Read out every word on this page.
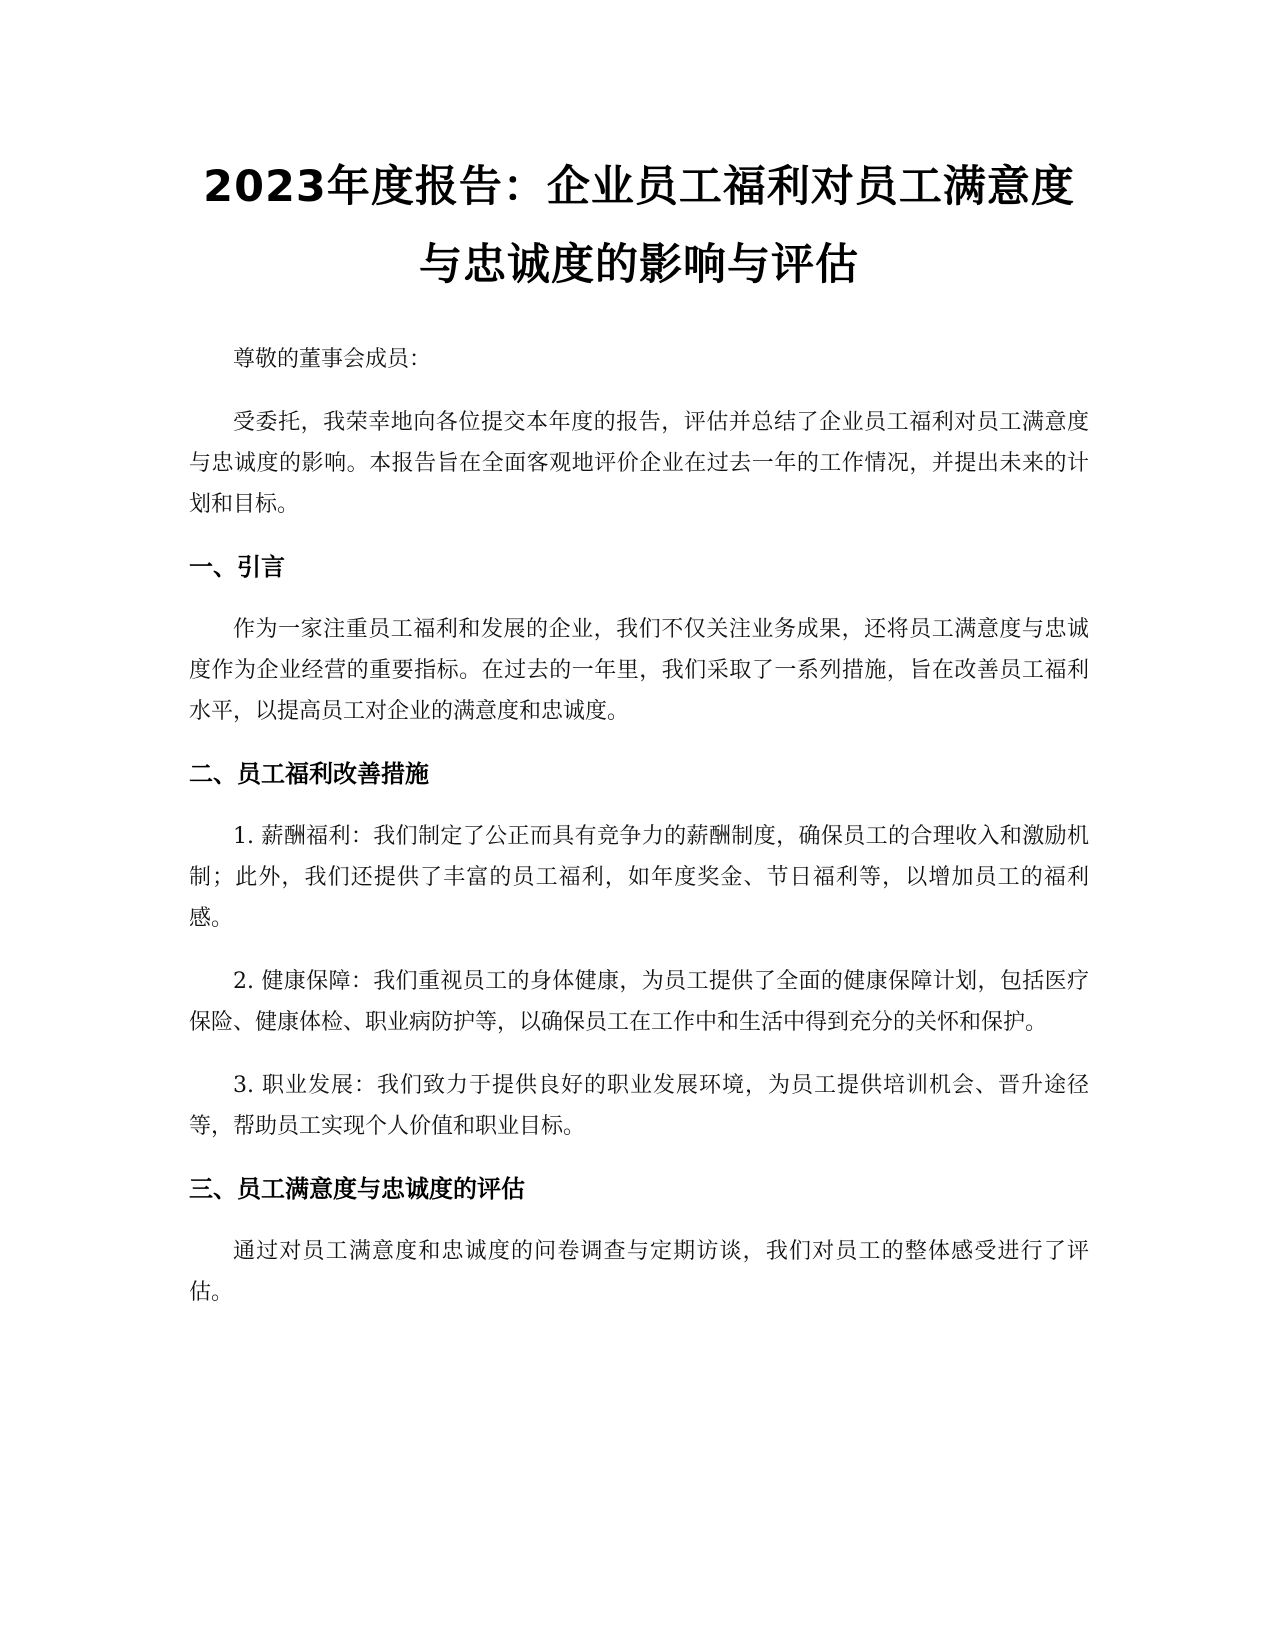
2023年度报告：企业员工福利对员工满意度
与忠诚度的影响与评估

尊敬的董事会成员：

受委托，我荣幸地向各位提交本年度的报告，评估并总结了企业员工福利对员工满意度与忠诚度的影响。本报告旨在全面客观地评价企业在过去一年的工作情况，并提出未来的计划和目标。

一、引言

作为一家注重员工福利和发展的企业，我们不仅关注业务成果，还将员工满意度与忠诚度作为企业经营的重要指标。在过去的一年里，我们采取了一系列措施，旨在改善员工福利水平，以提高员工对企业的满意度和忠诚度。

二、员工福利改善措施

1. 薪酬福利：我们制定了公正而具有竞争力的薪酬制度，确保员工的合理收入和激励机制；此外，我们还提供了丰富的员工福利，如年度奖金、节日福利等，以增加员工的福利感。

2. 健康保障：我们重视员工的身体健康，为员工提供了全面的健康保障计划，包括医疗保险、健康体检、职业病防护等，以确保员工在工作中和生活中得到充分的关怀和保护。

3. 职业发展：我们致力于提供良好的职业发展环境，为员工提供培训机会、晋升途径等，帮助员工实现个人价值和职业目标。

三、员工满意度与忠诚度的评估

通过对员工满意度和忠诚度的问卷调查与定期访谈，我们对员工的整体感受进行了评估。
